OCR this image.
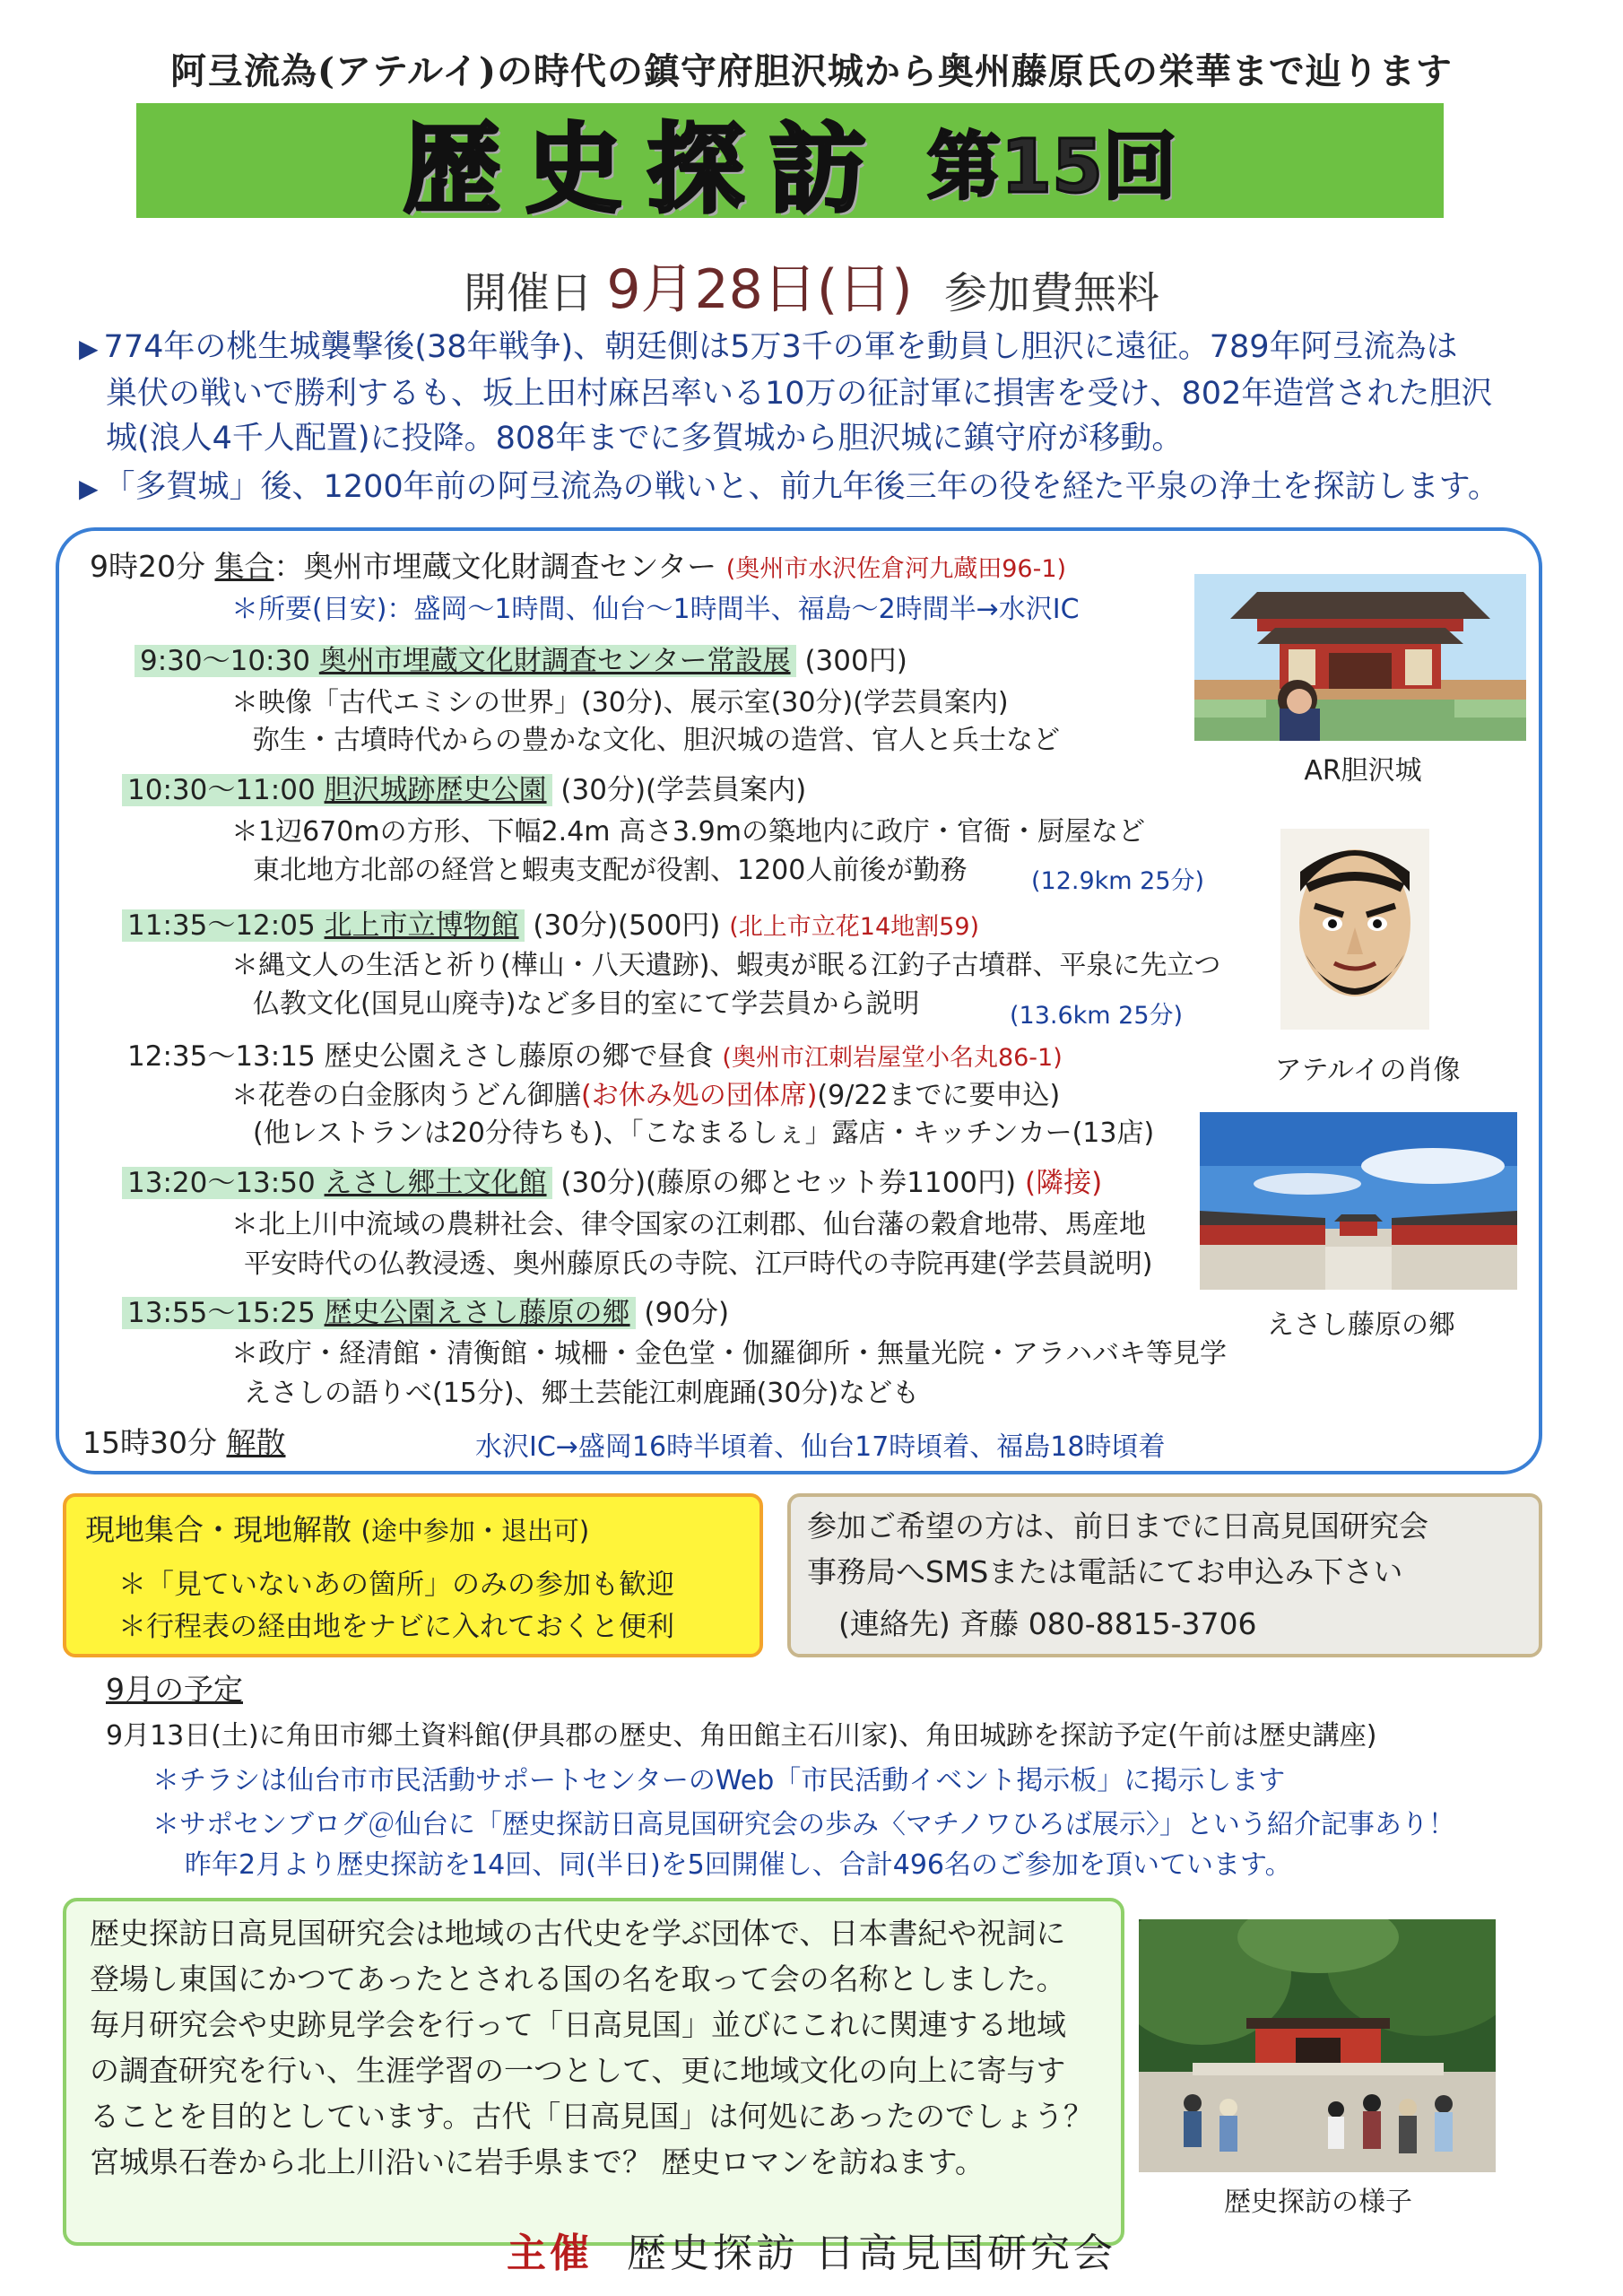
阿弖流為(アテルイ)の時代の鎮守府胆沢城から奥州藤原氏の栄華まで辿ります
歴史探訪 第15回
開催日 9月28日(日) 参加費無料
▶ 774年の桃生城襲撃後(38年戦争)、朝廷側は5万3千の軍を動員し胆沢に遠征。789年阿弖流為は
巣伏の戦いで勝利するも、坂上田村麻呂率いる10万の征討軍に損害を受け、802年造営された胆沢
城(浪人4千人配置)に投降。808年までに多賀城から胆沢城に鎮守府が移動。
▶ 「多賀城」後、1200年前の阿弖流為の戦いと、前九年後三年の役を経た平泉の浄土を探訪します。
9時20分 集合：奥州市埋蔵文化財調査センター (奥州市水沢佐倉河九蔵田96-1)
＊所要(目安)：盛岡～1時間、仙台～1時間半、福島～2時間半→水沢IC
9:30～10:30 奥州市埋蔵文化財調査センター常設展 (300円)
＊映像「古代エミシの世界」(30分)、展示室(30分)(学芸員案内)
弥生・古墳時代からの豊かな文化、胆沢城の造営、官人と兵士など
10:30～11:00 胆沢城跡歴史公園 (30分)(学芸員案内)
＊1辺670mの方形、下幅2.4m 高さ3.9mの築地内に政庁・官衙・厨屋など
東北地方北部の経営と蝦夷支配が役割、1200人前後が勤務	(12.9km 25分)
11:35～12:05 北上市立博物館 (30分)(500円) (北上市立花14地割59)
＊縄文人の生活と祈り(樺山・八天遺跡)、蝦夷が眠る江釣子古墳群、平泉に先立つ
仏教文化(国見山廃寺)など多目的室にて学芸員から説明	(13.6km 25分)
12:35～13:15 歴史公園えさし藤原の郷で昼食 (奥州市江刺岩屋堂小名丸86-1)
＊花巻の白金豚肉うどん御膳(お休み処の団体席)(9/22までに要申込)
(他レストランは20分待ちも)、「こなまるしぇ」露店・キッチンカー(13店)
13:20～13:50 えさし郷土文化館 (30分)(藤原の郷とセット券1100円) (隣接)
＊北上川中流域の農耕社会、律令国家の江刺郡、仙台藩の穀倉地帯、馬産地
平安時代の仏教浸透、奥州藤原氏の寺院、江戸時代の寺院再建(学芸員説明)
13:55～15:25 歴史公園えさし藤原の郷 (90分)
＊政庁・経清館・清衡館・城柵・金色堂・伽羅御所・無量光院・アラハバキ等見学
えさしの語りべ(15分)、郷土芸能江刺鹿踊(30分)なども
15時30分 解散	水沢IC→盛岡16時半頃着、仙台17時頃着、福島18時頃着
AR胆沢城
アテルイの肖像
えさし藤原の郷
現地集合・現地解散 (途中参加・退出可)
＊「見ていないあの箇所」のみの参加も歓迎
＊行程表の経由地をナビに入れておくと便利
参加ご希望の方は、前日までに日高見国研究会
事務局へSMSまたは電話にてお申込み下さい
(連絡先) 斉藤 080-8815-3706
9月の予定
9月13日(土)に角田市郷土資料館(伊具郡の歴史、角田館主石川家)、角田城跡を探訪予定(午前は歴史講座)
＊チラシは仙台市市民活動サポートセンターのWeb「市民活動イベント掲示板」に掲示します
＊サポセンブログ＠仙台に「歴史探訪日高見国研究会の歩み〈マチノワひろば展示〉」という紹介記事あり！
昨年2月より歴史探訪を14回、同(半日)を5回開催し、合計496名のご参加を頂いています。
歴史探訪日高見国研究会は地域の古代史を学ぶ団体で、日本書紀や祝詞に
登場し東国にかつてあったとされる国の名を取って会の名称としました。
毎月研究会や史跡見学会を行って「日高見国」並びにこれに関連する地域
の調査研究を行い、生涯学習の一つとして、更に地域文化の向上に寄与す
ることを目的としています。古代「日高見国」は何処にあったのでしょう？
宮城県石巻から北上川沿いに岩手県まで？ 歴史ロマンを訪ねます。
歴史探訪の様子
主催 歴史探訪 日高見国研究会
